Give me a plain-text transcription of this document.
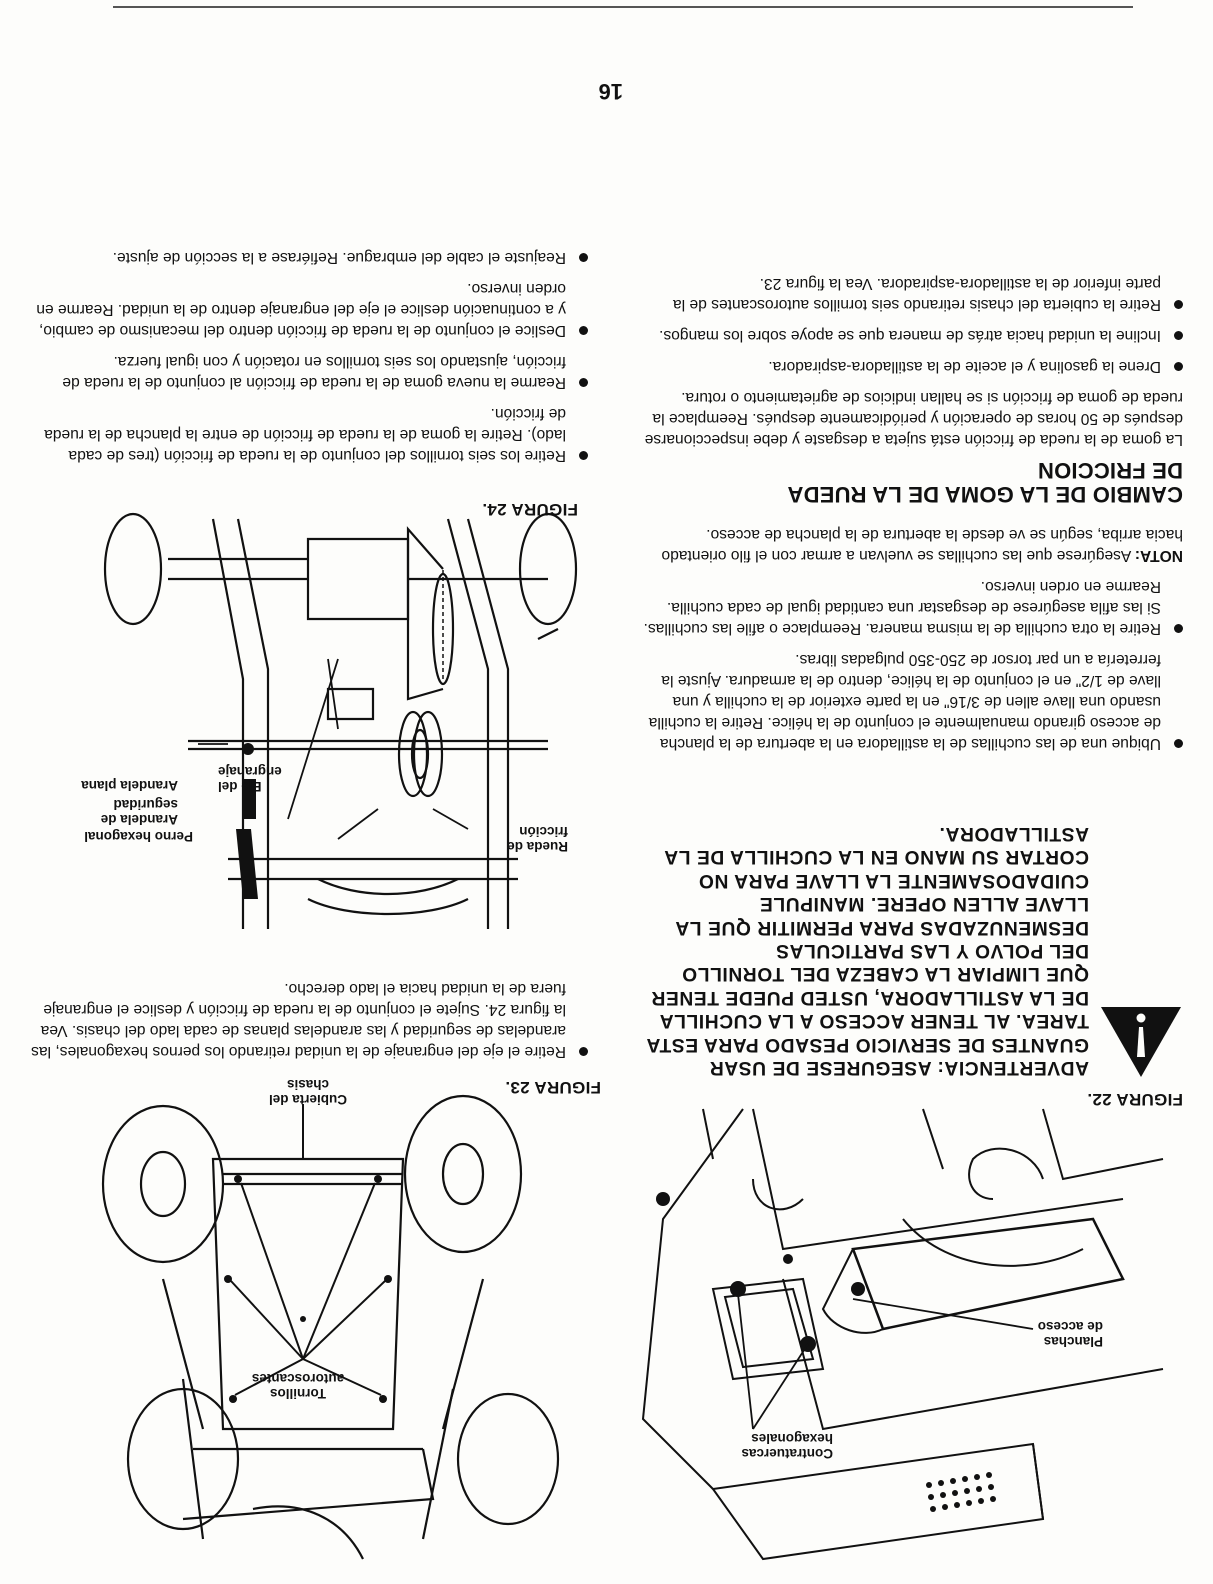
Contratuercas hexagonales
Planchas de acceso
FIGURA 22.
Tornillos autoroscantes
Cubierta del chasis	FIGURA 23.
ADVERTENCIA: ASEGURESE DE USAR GUANTES DE SERVICIO PESADO PARA ESTA TAREA. AL TENER ACCESO A LA CUCHILLA DE LA ASTILLADORA, USTED PUEDE TENER QUE LIMPIAR LA CABEZA DEL TORNILLO DEL POLVO Y LAS PARTICULAS DESMENUZADAS PARA PERMITIR QUE LA LLAVE ALLEN OPERE. MANIPULE CUIDADOSAMENTE LA LLAVE PARA NO CORTAR SU MANO EN LA CUCHILLA DE LA ASTILLADORA.
Ubique una de las cuchillas de la astilladora en la abertura de la plancha de acceso girando manualmente el conjunto de la hélice. Retire la cuchilla usando una llave allen de 3/16" en la parte exterior de la cuchilla y una llave de 1/2" en el conjunto de la hélice, dentro de la armadura. Ajuste la ferretería a un par torsor de 250-350 pulgadas libras.
Retire la otra cuchilla de la misma manera. Reemplace o afile las cuchillas. Si las afila asegúrese de desgastar una cantidad igual de cada cuchilla. Rearme en orden inverso.
NOTA: Asegúrese que las cuchillas se vuelvan a armar con el filo orientado hacia arriba, según se ve desde la abertura de la plancha de acceso.
CAMBIO DE LA GOMA DE LA RUEDA DE FRICCION
La goma de la rueda de fricción está sujeta a desgaste y debe inspeccionarse después de 50 horas de operación y periódicamente después. Reemplace la rueda de goma de fricción si se hallan indicios de agrietamiento o rotura.
Drene la gasolina y el aceite de la astilladora-aspiradora.
Incline la unidad hacia atrás de manera que se apoye sobre los mangos.
Retire la cubierta del chasis retirando seis tornillos autoroscantes de la parte inferior de la astilladora-aspiradora. Vea la figura 23.
Retire el eje del engranaje de la unidad retirando los pernos hexagonales, las arandelas de seguridad y las arandelas planas de cada lado del chasis. Vea la figura 24. Sujete el conjunto de la rueda de fricción y deslice el engranaje fuera de la unidad hacia el lado derecho.
Rueda de fricción
Perno hexagonal
Arandela de seguridad
Arandela plana	Eje del engranaje
FIGURA 24.
Retire los seis tornillos del conjunto de la rueda de fricción (tres de cada lado). Retire la goma de la rueda de fricción de entre la plancha de la rueda de fricción.
Rearme la nueva goma de la rueda de fricción al conjunto de la rueda de fricción, ajustando los seis tornillos en rotación y con igual fuerza.
Deslice el conjunto de la rueda de fricción dentro del mecanismo de cambio, y a continuación deslice el eje del engranaje dentro de la unidad. Rearme en orden inverso.
Reajuste el cable del embrague. Refiérase a la sección de ajuste.
16
